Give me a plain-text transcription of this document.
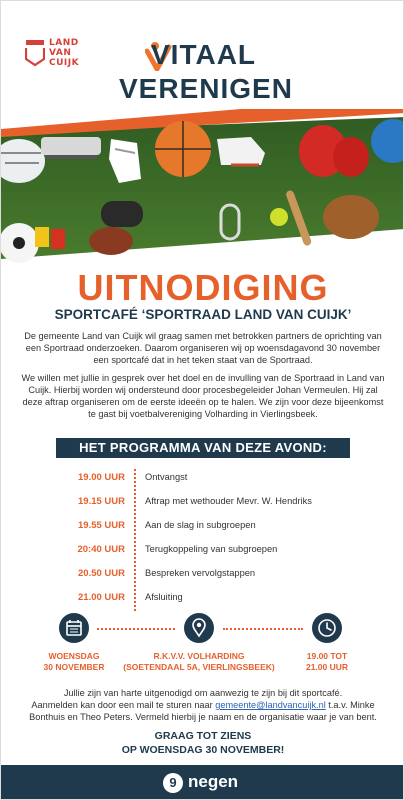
LAND
VAN
CUIJK	VITAAL
VERENIGEN
UITNODIGING
SPORTCAFÉ ‘SPORTRAAD LAND VAN CUIJK’
De gemeente Land van Cuijk wil graag samen met betrokken partners de oprichting van een Sportraad onderzoeken. Daarom organiseren wij op woensdagavond 30 november een sportcafé dat in het teken staat van de Sportraad.
We willen met jullie in gesprek over het doel en de invulling van de Sportraad in Land van Cuijk. Hierbij worden wij ondersteund door procesbegeleider Johan Vermeulen. Hij zal deze aftrap organiseren om de eerste ideeën op te halen. We zijn voor deze bijeenkomst te gast bij voetbalvereniging Volharding in Vierlingsbeek.
HET PROGRAMMA VAN DEZE AVOND:
19.00 UUR Ontvangst
19.15 UUR Aftrap met wethouder Mevr. W. Hendriks
19.55 UUR Aan de slag in subgroepen
20:40 UUR Terugkoppeling van subgroepen
20.50 UUR Bespreken vervolgstappen
21.00 UUR Afsluiting
WOENSDAG
30 NOVEMBER
R.K.V.V. VOLHARDING
(SOETENDAAL 5A, VIERLINGSBEEK)
19.00 TOT
21.00 UUR
Jullie zijn van harte uitgenodigd om aanwezig te zijn bij dit sportcafé.
Aanmelden kan door een mail te sturen naar gemeente@landvancuijk.nl t.a.v. Minke Bonthuis en Theo Peters. Vermeld hierbij je naam en de organisatie waar je van bent.
GRAAG TOT ZIENS
OP WOENSDAG 30 NOVEMBER!
9 negen
